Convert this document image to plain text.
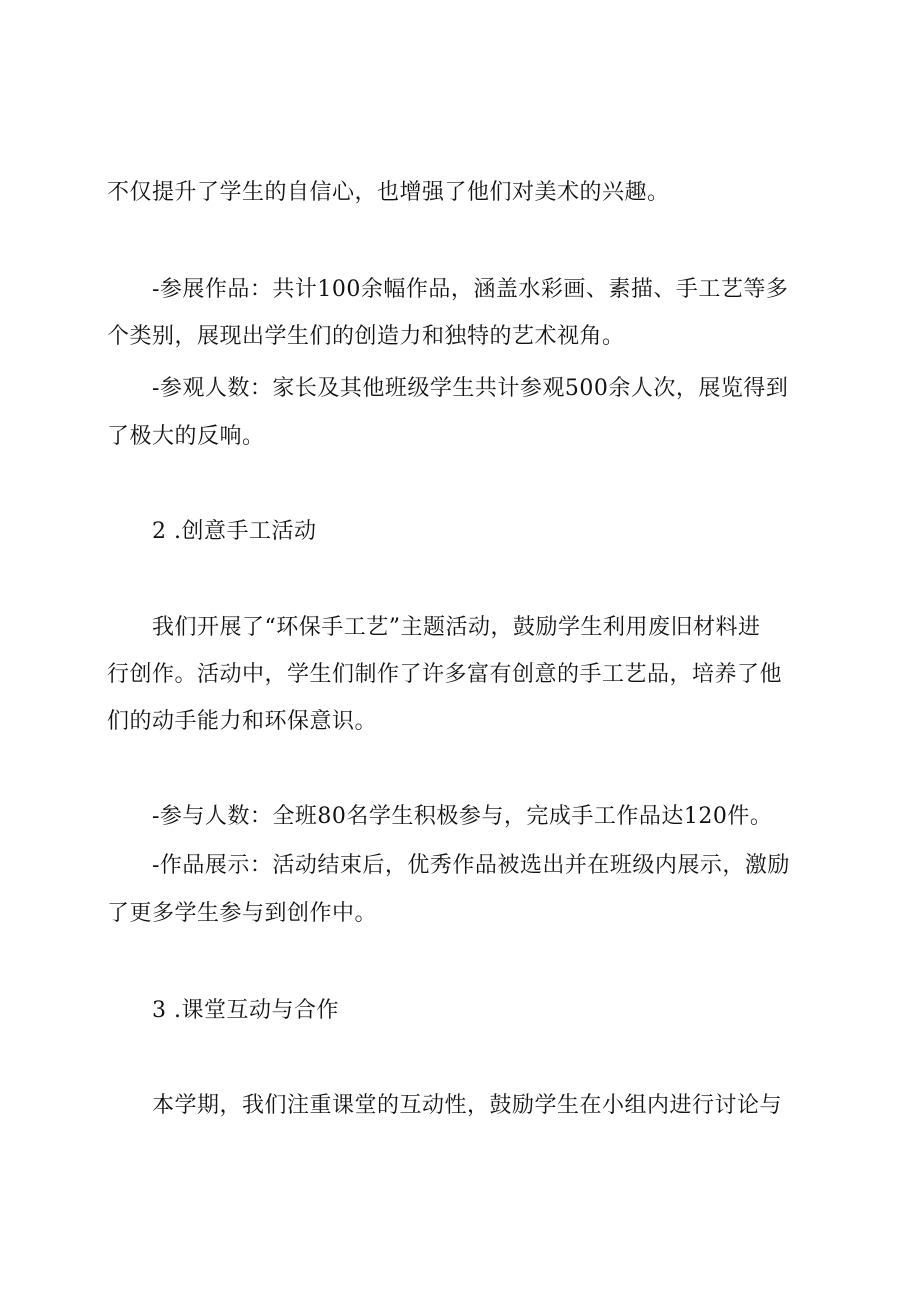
不仅提升了学生的自信心，也增强了他们对美术的兴趣。
-参展作品：共计100余幅作品，涵盖水彩画、素描、手工艺等多
个类别，展现出学生们的创造力和独特的艺术视角。
-参观人数：家长及其他班级学生共计参观500余人次，展览得到
了极大的反响。
2 .创意手工活动
我们开展了“环保手工艺”主题活动，鼓励学生利用废旧材料进
行创作。活动中，学生们制作了许多富有创意的手工艺品，培养了他
们的动手能力和环保意识。
-参与人数：全班80名学生积极参与，完成手工作品达120件。
-作品展示：活动结束后，优秀作品被选出并在班级内展示，激励
了更多学生参与到创作中。
3 .课堂互动与合作
本学期，我们注重课堂的互动性，鼓励学生在小组内进行讨论与
